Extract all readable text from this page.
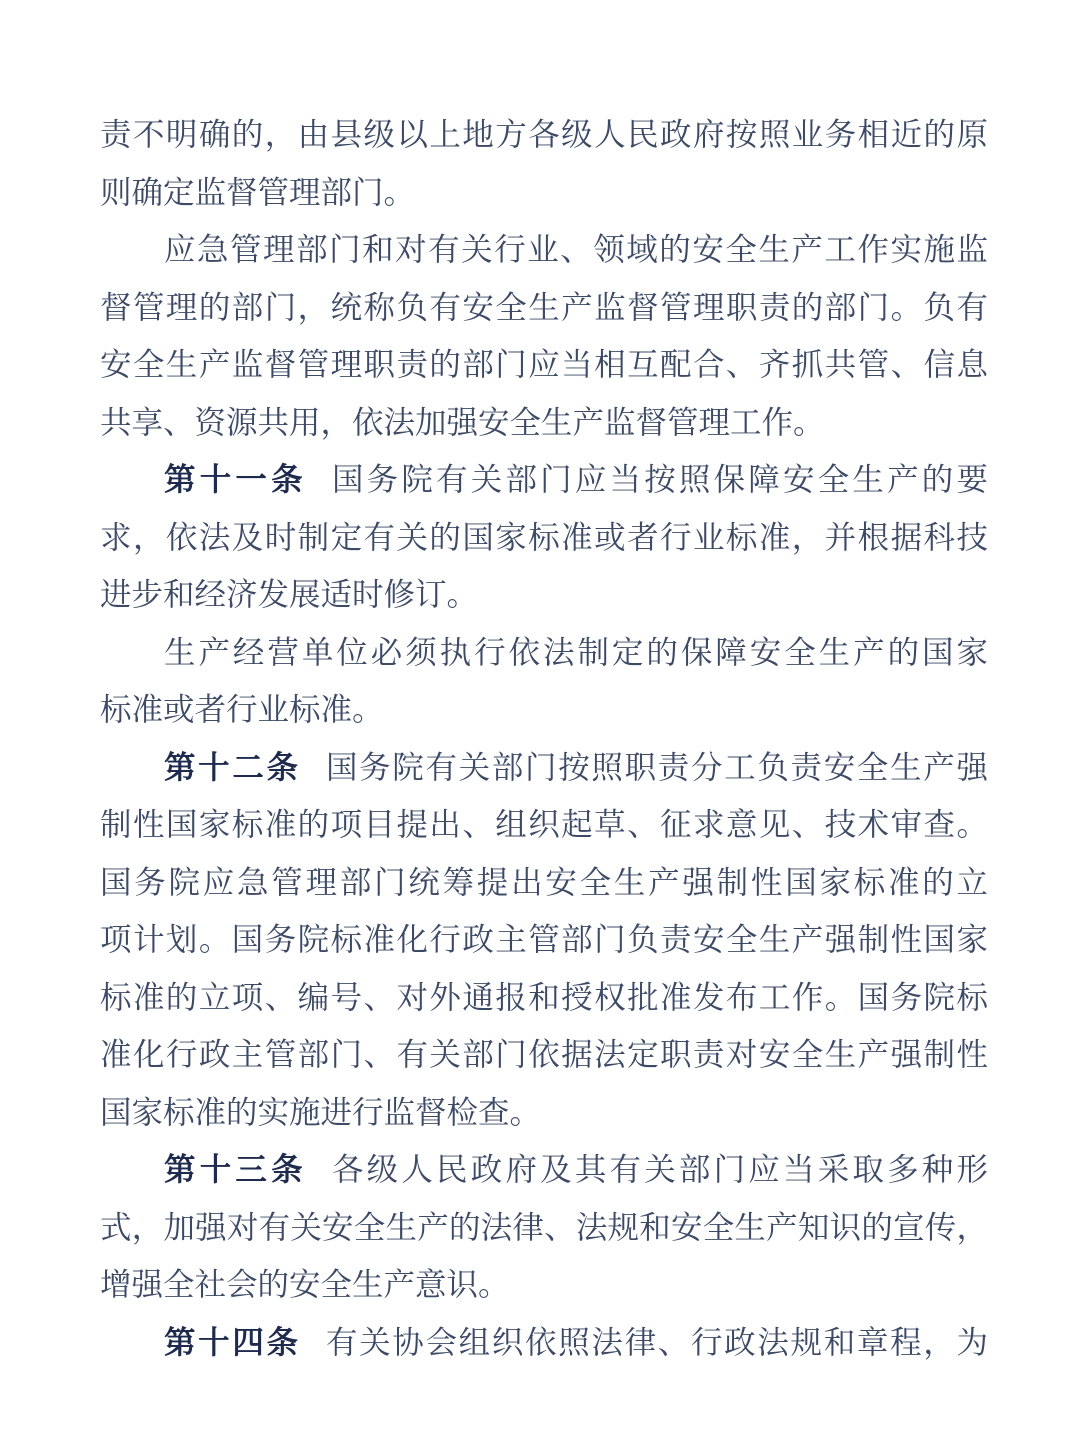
责不明确的，由县级以上地方各级人民政府按照业务相近的原
则确定监督管理部门。
应急管理部门和对有关行业、领域的安全生产工作实施监
督管理的部门，统称负有安全生产监督管理职责的部门。负有
安全生产监督管理职责的部门应当相互配合、齐抓共管、信息
共享、资源共用，依法加强安全生产监督管理工作。
第十一条 国务院有关部门应当按照保障安全生产的要
求，依法及时制定有关的国家标准或者行业标准，并根据科技
进步和经济发展适时修订。
生产经营单位必须执行依法制定的保障安全生产的国家
标准或者行业标准。
第十二条 国务院有关部门按照职责分工负责安全生产强
制性国家标准的项目提出、组织起草、征求意见、技术审查。
国务院应急管理部门统筹提出安全生产强制性国家标准的立
项计划。国务院标准化行政主管部门负责安全生产强制性国家
标准的立项、编号、对外通报和授权批准发布工作。国务院标
准化行政主管部门、有关部门依据法定职责对安全生产强制性
国家标准的实施进行监督检查。
第十三条 各级人民政府及其有关部门应当采取多种形
式，加强对有关安全生产的法律、法规和安全生产知识的宣传，
增强全社会的安全生产意识。
第十四条 有关协会组织依照法律、行政法规和章程，为
